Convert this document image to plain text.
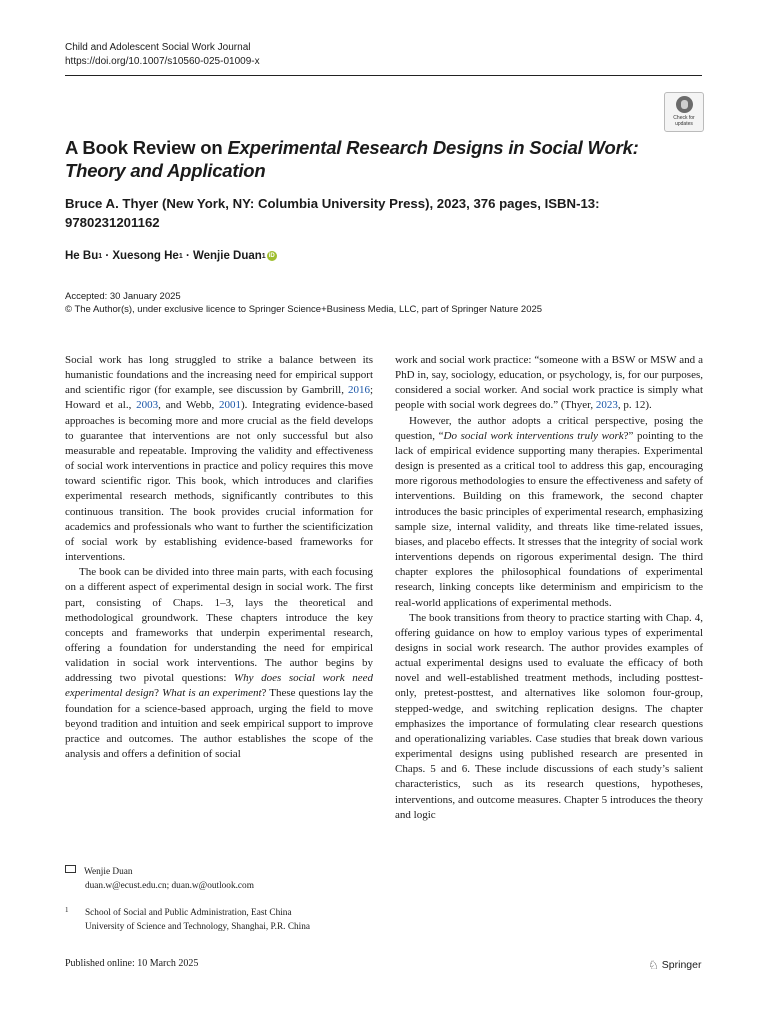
Child and Adolescent Social Work Journal
https://doi.org/10.1007/s10560-025-01009-x
Check for
updates
A Book Review on Experimental Research Designs in Social Work: Theory and Application
Bruce A. Thyer (New York, NY: Columbia University Press), 2023, 376 pages, ISBN-13: 9780231201162
He Bu 1 · Xuesong He 1 · Wenjie Duan 1 iD
Accepted: 30 January 2025
© The Author(s), under exclusive licence to Springer Science+Business Media, LLC, part of Springer Nature 2025

Social work has long struggled to strike a balance between its humanistic foundations and the increasing need for empirical support and scientific rigor (for example, see discussion by Gambrill, 2016; Howard et al., 2003, and Webb, 2001). Integrating evidence-based approaches is becoming more and more crucial as the field develops to guarantee that interventions are not only successful but also measurable and repeatable. Improving the validity and effectiveness of social work interventions in practice and policy requires this move toward scientific rigor. This book, which introduces and clarifies experimental research methods, significantly contributes to this continuous transition. The book provides crucial information for academics and professionals who want to further the scientificization of social work by establishing evidence-based frameworks for interventions.

The book can be divided into three main parts, with each focusing on a different aspect of experimental design in social work. The first part, consisting of Chaps. 1–3, lays the theoretical and methodological groundwork. These chapters introduce the key concepts and frameworks that underpin experimental research, offering a foundation for understanding the need for empirical validation in social work interventions. The author begins by addressing two pivotal questions: Why does social work need experimental design? What is an experiment? These questions lay the foundation for a science-based approach, urging the field to move beyond tradition and intuition and seek empirical support to improve practice and outcomes. The author establishes the scope of the analysis and offers a definition of social

work and social work practice: “someone with a BSW or MSW and a PhD in, say, sociology, education, or psychology, is, for our purposes, considered a social worker. And social work practice is simply what people with social work degrees do.” (Thyer, 2023, p. 12).

However, the author adopts a critical perspective, posing the question, “Do social work interventions truly work?” pointing to the lack of empirical evidence supporting many therapies. Experimental design is presented as a critical tool to address this gap, encouraging more rigorous methodologies to ensure the effectiveness and safety of interventions. Building on this framework, the second chapter introduces the basic principles of experimental research, emphasizing sample size, internal validity, and threats like time-related issues, biases, and placebo effects. It stresses that the integrity of social work interventions depends on rigorous experimental design. The third chapter explores the philosophical foundations of experimental research, linking concepts like determinism and empiricism to the real-world applications of experimental methods.

The book transitions from theory to practice starting with Chap. 4, offering guidance on how to employ various types of experimental designs in social work research. The author provides examples of actual experimental designs used to evaluate the efficacy of both novel and well-established treatment methods, including posttest-only, pretest-posttest, and alternatives like solomon four-group, stepped-wedge, and switching replication designs. The chapter emphasizes the importance of formulating clear research questions and operationalizing variables. Case studies that break down various experimental designs using published research are presented in Chaps. 5 and 6. These include discussions of each study’s salient characteristics, such as its research questions, hypotheses, interventions, and outcome measures. Chapter 5 introduces the theory and logic

Wenjie Duan
duan.w@ecust.edu.cn; duan.w@outlook.com
1 School of Social and Public Administration, East China
University of Science and Technology, Shanghai, P.R. China
Published online: 10 March 2025	♘ Springer
